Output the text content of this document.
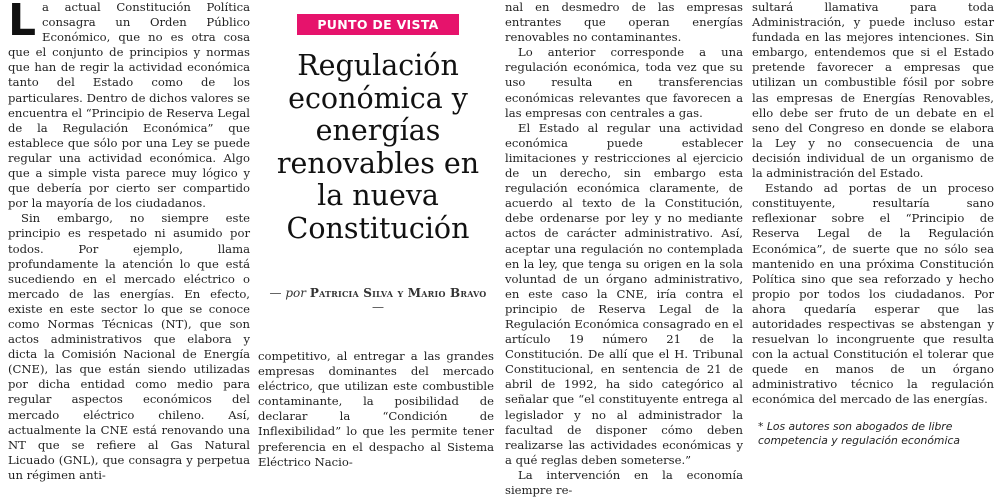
La actual Constitución Política consagra un Orden Público Económico, que no es otra cosa que el conjunto de principios y normas que han de regir la actividad económica tanto del Estado como de los particulares. Dentro de dichos valores se encuentra el “Principio de Reserva Legal de la Regulación Económica” que establece que sólo por una Ley se puede regular una actividad económica. Algo que a simple vista parece muy lógico y que debería por cierto ser compartido por la mayoría de los ciudadanos.

Sin embargo, no siempre este principio es respetado ni asumido por todos. Por ejemplo, llama profundamente la atención lo que está sucediendo en el mercado eléctrico o mercado de las energías. En efecto, existe en este sector lo que se conoce como Normas Técnicas (NT), que son actos administrativos que elabora y dicta la Comisión Nacional de Energía (CNE), las que están siendo utilizadas por dicha entidad como medio para regular aspectos económicos del mercado eléctrico chileno. Así, actualmente la CNE está renovando una NT que se refiere al Gas Natural Licuado (GNL), que consagra y perpetua un régimen anti-

PUNTO DE VISTA
Regulación económica y energías renovables en la nueva Constitución
— por Patricia Silva y Mario Bravo —

competitivo, al entregar a las grandes empresas dominantes del mercado eléctrico, que utilizan este combustible contaminante, la posibilidad de declarar la “Condición de Inflexibilidad” lo que les permite tener preferencia en el despacho al Sistema Eléctrico Nacio-

nal en desmedro de las empresas entrantes que operan energías renovables no contaminantes.

Lo anterior corresponde a una regulación económica, toda vez que su uso resulta en transferencias económicas relevantes que favorecen a las empresas con centrales a gas.

El Estado al regular una actividad económica puede establecer limitaciones y restricciones al ejercicio de un derecho, sin embargo esta regulación económica claramente, de acuerdo al texto de la Constitución, debe ordenarse por ley y no mediante actos de carácter administrativo. Así, aceptar una regulación no contemplada en la ley, que tenga su origen en la sola voluntad de un órgano administrativo, en este caso la CNE, iría contra el principio de Reserva Legal de la Regulación Económica consagrado en el artículo 19 número 21 de la Constitución. De allí que el H. Tribunal Constitucional, en sentencia de 21 de abril de 1992, ha sido categórico al señalar que “el constituyente entrega al legislador y no al administrador la facultad de disponer cómo deben realizarse las actividades económicas y a qué reglas deben someterse.”

La intervención en la economía siempre re-

sultará llamativa para toda Administración, y puede incluso estar fundada en las mejores intenciones. Sin embargo, entendemos que si el Estado pretende favorecer a empresas que utilizan un combustible fósil por sobre las empresas de Energías Renovables, ello debe ser fruto de un debate en el seno del Congreso en donde se elabora la Ley y no consecuencia de una decisión individual de un organismo de la administración del Estado.

Estando ad portas de un proceso constituyente, resultaría sano reflexionar sobre el “Principio de Reserva Legal de la Regulación Económica”, de suerte que no sólo sea mantenido en una próxima Constitución Política sino que sea reforzado y hecho propio por todos los ciudadanos. Por ahora quedaría esperar que las autoridades respectivas se abstengan y resuelvan lo incongruente que resulta con la actual Constitución el tolerar que quede en manos de un órgano administrativo técnico la regulación económica del mercado de las energías.

* Los autores son abogados de libre competencia y regulación económica
